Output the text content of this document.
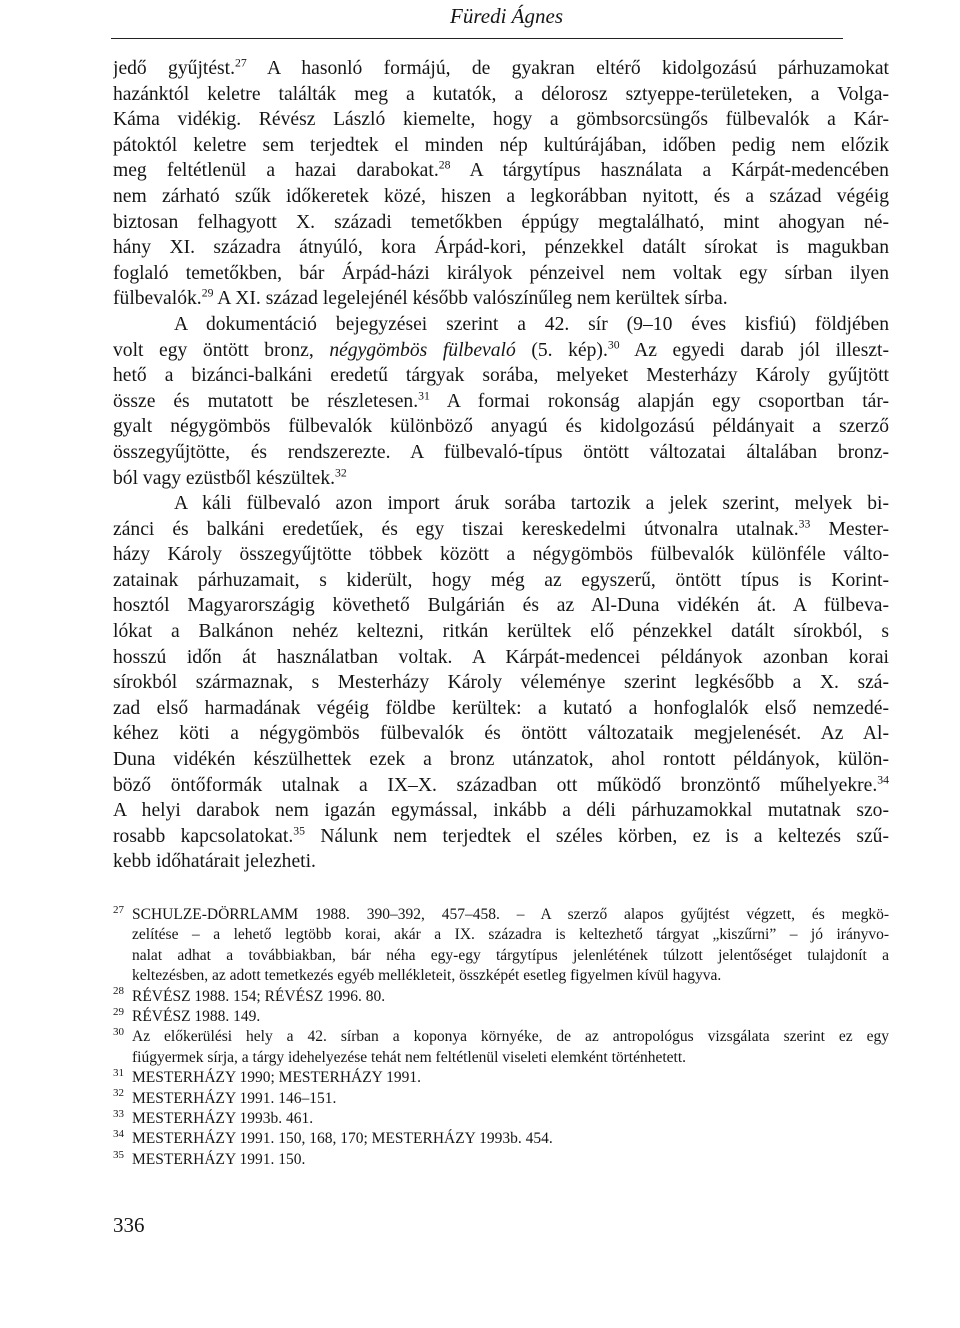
Füredi Ágnes
jedő gyűjtést.$^{27}$ A hasonló formájú, de gyakran eltérő kidolgozású párhuzamokat
hazánktól keletre találták meg a kutatók, a délorosz sztyeppe-területeken, a Volga-
Káma vidékig. Révész László kiemelte, hogy a gömbsorcsüngős fülbevalók a Kár-
pátoktól keletre sem terjedtek el minden nép kultúrájában, időben pedig nem előzik
meg feltétlenül a hazai darabokat.$^{28}$ A tárgytípus használata a Kárpát-medencében
nem zárható szűk időkeretek közé, hiszen a legkorábban nyitott, és a század végéig
biztosan felhagyott X. századi temetőkben éppúgy megtalálható, mint ahogyan né-
hány XI. századra átnyúló, kora Árpád-kori, pénzekkel datált sírokat is magukban
foglaló temetőkben, bár Árpád-házi királyok pénzeivel nem voltak egy sírban ilyen
fülbevalók.$^{29}$ A XI. század legelejénél később valószínűleg nem kerültek sírba.
A dokumentáció bejegyzései szerint a 42. sír (9–10 éves kisfiú) földjében
volt egy öntött bronz, négygömbös fülbevaló (5. kép).$^{30}$ Az egyedi darab jól illeszt-
hető a bizánci-balkáni eredetű tárgyak sorába, melyeket Mesterházy Károly gyűjtött
össze és mutatott be részletesen.$^{31}$ A formai rokonság alapján egy csoportban tár-
gyalt négygömbös fülbevalók különböző anyagú és kidolgozású példányait a szerző
összegyűjtötte, és rendszerezte. A fülbevaló-típus öntött változatai általában bronz-
ból vagy ezüstből készültek.$^{32}$
A káli fülbevaló azon import áruk sorába tartozik a jelek szerint, melyek bi-
zánci és balkáni eredetűek, és egy tiszai kereskedelmi útvonalra utalnak.$^{33}$ Mester-
házy Károly összegyűjtötte többek között a négygömbös fülbevalók különféle válto-
zatainak párhuzamait, s kiderült, hogy még az egyszerű, öntött típus is Korint-
hosztól Magyarországig követhető Bulgárián és az Al-Duna vidékén át. A fülbeva-
lókat a Balkánon nehéz keltezni, ritkán kerültek elő pénzekkel datált sírokból, s
hosszú időn át használatban voltak. A Kárpát-medencei példányok azonban korai
sírokból származnak, s Mesterházy Károly véleménye szerint legkésőbb a X. szá-
zad első harmadának végéig földbe kerültek: a kutató a honfoglalók első nemzedé-
kéhez köti a négygömbös fülbevalók és öntött változataik megjelenését. Az Al-
Duna vidékén készülhettek ezek a bronz utánzatok, ahol rontott példányok, külön-
böző öntőformák utalnak a IX–X. században ott működő bronzöntő műhelyekre.$^{34}$
A helyi darabok nem igazán egymással, inkább a déli párhuzamokkal mutatnak szo-
rosabb kapcsolatokat.$^{35}$ Nálunk nem terjedtek el széles körben, ez is a keltezés szű-
kebb időhatárait jelezheti.
27 SCHULZE-DÖRRLAMM 1988. 390–392, 457–458. – A szerző alapos gyűjtést végzett, és megkö-
zelítése – a lehető legtöbb korai, akár a IX. századra is keltezhető tárgyat „kiszűrni” – jó irányvo-
nalat adhat a továbbiakban, bár néha egy-egy tárgytípus jelenlétének túlzott jelentőséget tulajdonít a
keltezésben, az adott temetkezés egyéb mellékleteit, összképét esetleg figyelmen kívül hagyva.
28 RÉVÉSZ 1988. 154; RÉVÉSZ 1996. 80.
29 RÉVÉSZ 1988. 149.
30 Az előkerülési hely a 42. sírban a koponya környéke, de az antropológus vizsgálata szerint ez egy
fiúgyermek sírja, a tárgy idehelyezése tehát nem feltétlenül viseleti elemként történhetett.
31 MESTERHÁZY 1990; MESTERHÁZY 1991.
32 MESTERHÁZY 1991. 146–151.
33 MESTERHÁZY 1993b. 461.
34 MESTERHÁZY 1991. 150, 168, 170; MESTERHÁZY 1993b. 454.
35 MESTERHÁZY 1991. 150.
336
